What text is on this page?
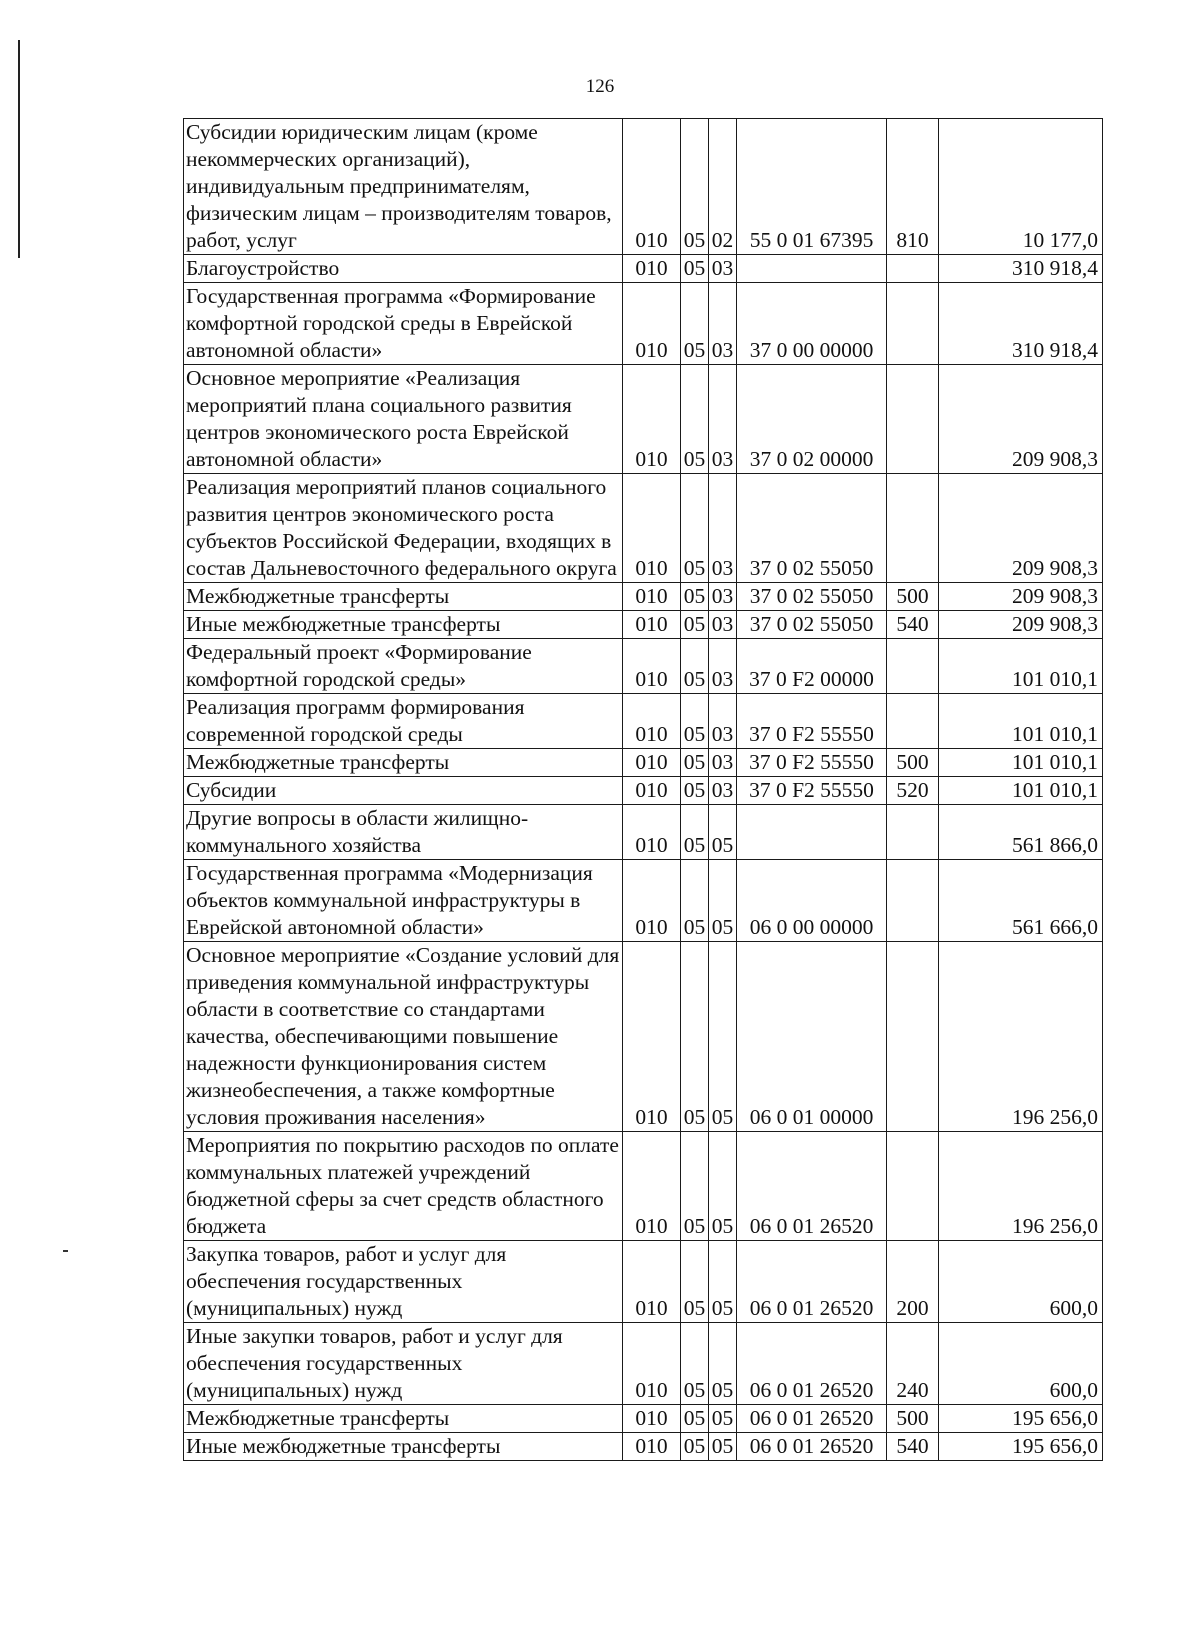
126
Субсидии юридическим лицам (кроме некоммерческих организаций), индивидуальным предпринимателям, физическим лицам – производителям товаров, работ, услуг	010	05	02	55 0 01 67395	810	10 177,0
Благоустройство	010	05	03			310 918,4
Государственная программа «Формирование комфортной городской среды в Еврейской автономной области»	010	05	03	37 0 00 00000		310 918,4
Основное мероприятие «Реализация мероприятий плана социального развития центров экономического роста Еврейской автономной области»	010	05	03	37 0 02 00000		209 908,3
Реализация мероприятий планов социального развития центров экономического роста субъектов Российской Федерации, входящих в состав Дальневосточного федерального округа	010	05	03	37 0 02 55050		209 908,3
Межбюджетные трансферты	010	05	03	37 0 02 55050	500	209 908,3
Иные межбюджетные трансферты	010	05	03	37 0 02 55050	540	209 908,3
Федеральный проект «Формирование комфортной городской среды»	010	05	03	37 0 F2 00000		101 010,1
Реализация программ формирования современной городской среды	010	05	03	37 0 F2 55550		101 010,1
Межбюджетные трансферты	010	05	03	37 0 F2 55550	500	101 010,1
Субсидии	010	05	03	37 0 F2 55550	520	101 010,1
Другие вопросы в области жилищно-коммунального хозяйства	010	05	05			561 866,0
Государственная программа «Модернизация объектов коммунальной инфраструктуры в Еврейской автономной области»	010	05	05	06 0 00 00000		561 666,0
Основное мероприятие «Создание условий для приведения коммунальной инфраструктуры области в соответствие со стандартами качества, обеспечивающими повышение надежности функционирования систем жизнеобеспечения, а также комфортные условия проживания населения»	010	05	05	06 0 01 00000		196 256,0
Мероприятия по покрытию расходов по оплате коммунальных платежей учреждений бюджетной сферы за счет средств областного бюджета	010	05	05	06 0 01 26520		196 256,0
Закупка товаров, работ и услуг для обеспечения государственных (муниципальных) нужд	010	05	05	06 0 01 26520	200	600,0
Иные закупки товаров, работ и услуг для обеспечения государственных (муниципальных) нужд	010	05	05	06 0 01 26520	240	600,0
Межбюджетные трансферты	010	05	05	06 0 01 26520	500	195 656,0
Иные межбюджетные трансферты	010	05	05	06 0 01 26520	540	195 656,0
